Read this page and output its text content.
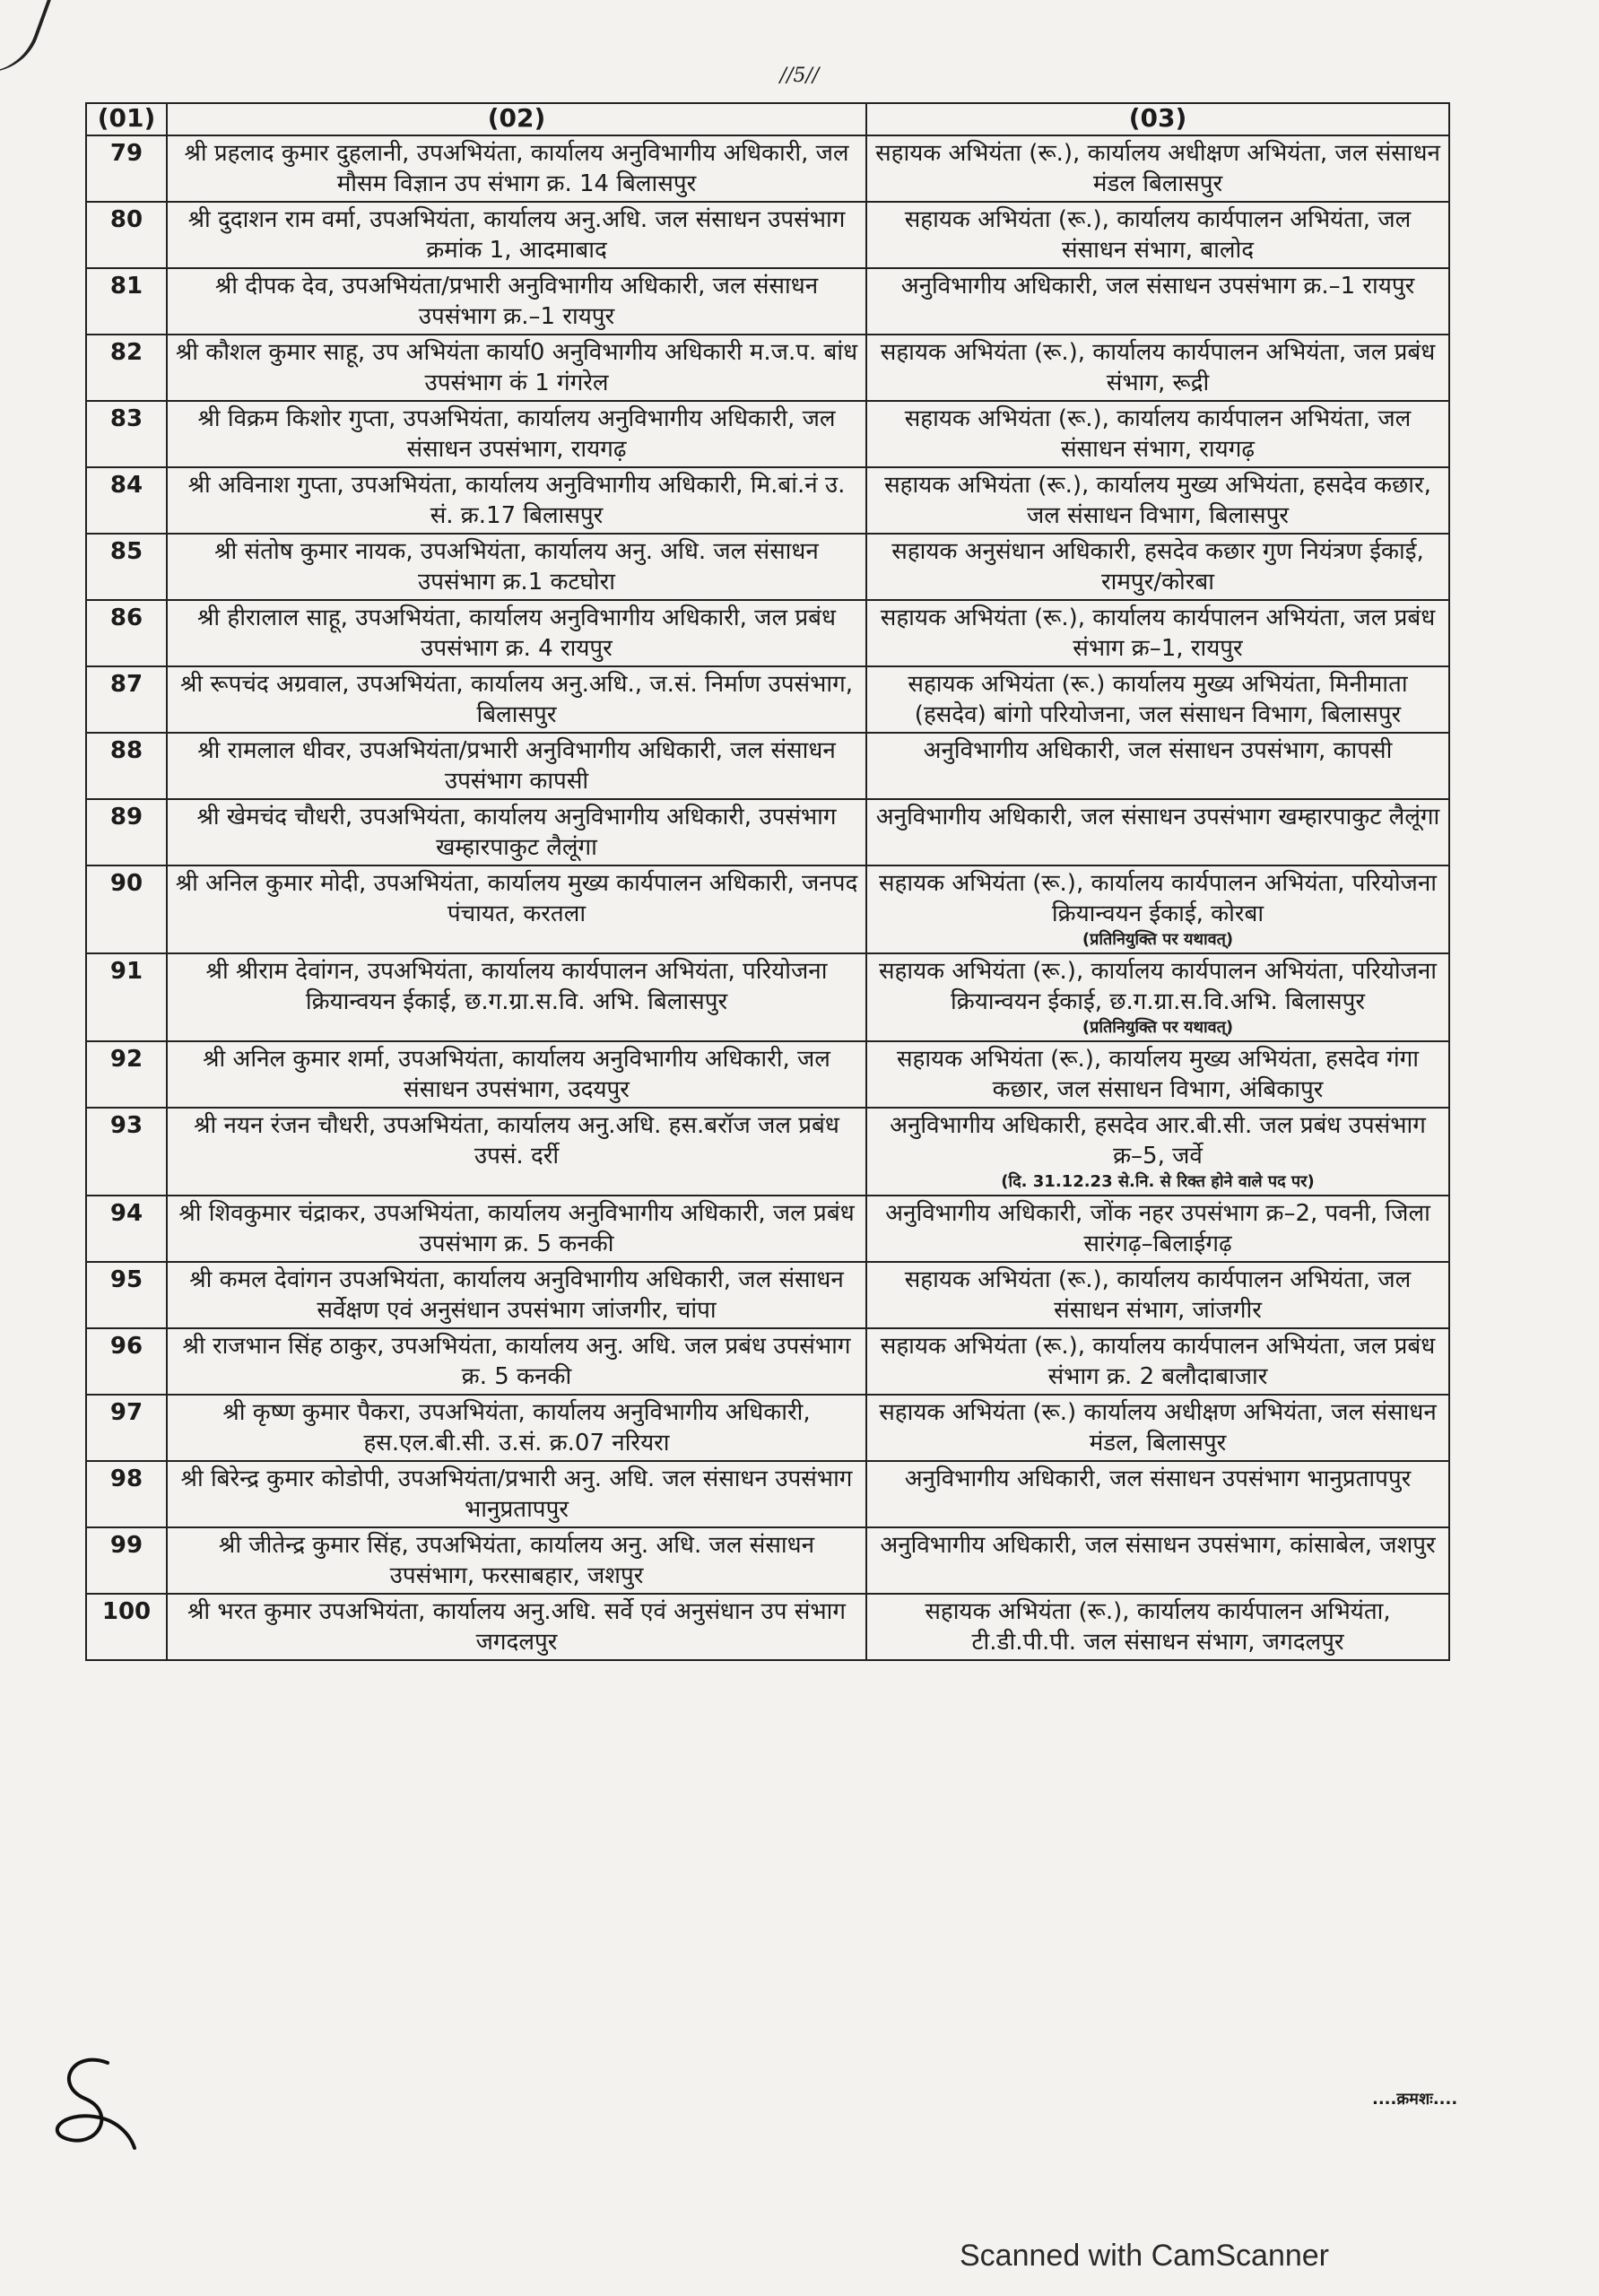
//5//
(01)	(02)	(03)
79	श्री प्रहलाद कुमार दुहलानी, उपअभियंता, कार्यालय अनुविभागीय अधिकारी, जल मौसम विज्ञान उप संभाग क्र. 14 बिलासपुर	सहायक अभियंता (रू.), कार्यालय अधीक्षण अभियंता, जल संसाधन मंडल बिलासपुर
80	श्री दुदाशन राम वर्मा, उपअभियंता, कार्यालय अनु.अधि. जल संसाधन उपसंभाग क्रमांक 1, आदमाबाद	सहायक अभियंता (रू.), कार्यालय कार्यपालन अभियंता, जल संसाधन संभाग, बालोद
81	श्री दीपक देव, उपअभियंता/प्रभारी अनुविभागीय अधिकारी, जल संसाधन उपसंभाग क्र.–1 रायपुर	अनुविभागीय अधिकारी, जल संसाधन उपसंभाग क्र.–1 रायपुर
82	श्री कौशल कुमार साहू, उप अभियंता कार्या0 अनुविभागीय अधिकारी म.ज.प. बांध उपसंभाग कं 1 गंगरेल	सहायक अभियंता (रू.), कार्यालय कार्यपालन अभियंता, जल प्रबंध संभाग, रूद्री
83	श्री विक्रम किशोर गुप्ता, उपअभियंता, कार्यालय अनुविभागीय अधिकारी, जल संसाधन उपसंभाग, रायगढ़	सहायक अभियंता (रू.), कार्यालय कार्यपालन अभियंता, जल संसाधन संभाग, रायगढ़
84	श्री अविनाश गुप्ता, उपअभियंता, कार्यालय अनुविभागीय अधिकारी, मि.बां.नं उ. सं. क्र.17 बिलासपुर	सहायक अभियंता (रू.), कार्यालय मुख्य अभियंता, हसदेव कछार, जल संसाधन विभाग, बिलासपुर
85	श्री संतोष कुमार नायक, उपअभियंता, कार्यालय अनु. अधि. जल संसाधन उपसंभाग क्र.1 कटघोरा	सहायक अनुसंधान अधिकारी, हसदेव कछार गुण नियंत्रण ईकाई, रामपुर/कोरबा
86	श्री हीरालाल साहू, उपअभियंता, कार्यालय अनुविभागीय अधिकारी, जल प्रबंध उपसंभाग क्र. 4 रायपुर	सहायक अभियंता (रू.), कार्यालय कार्यपालन अभियंता, जल प्रबंध संभाग क्र–1, रायपुर
87	श्री रूपचंद अग्रवाल, उपअभियंता, कार्यालय अनु.अधि., ज.सं. निर्माण उपसंभाग, बिलासपुर	सहायक अभियंता (रू.) कार्यालय मुख्य अभियंता, मिनीमाता (हसदेव) बांगो परियोजना, जल संसाधन विभाग, बिलासपुर
88	श्री रामलाल धीवर, उपअभियंता/प्रभारी अनुविभागीय अधिकारी, जल संसाधन उपसंभाग कापसी	अनुविभागीय अधिकारी, जल संसाधन उपसंभाग, कापसी
89	श्री खेमचंद चौधरी, उपअभियंता, कार्यालय अनुविभागीय अधिकारी, उपसंभाग खम्हारपाकुट लैलूंगा	अनुविभागीय अधिकारी, जल संसाधन उपसंभाग खम्हारपाकुट लैलूंगा
90	श्री अनिल कुमार मोदी, उपअभियंता, कार्यालय मुख्य कार्यपालन अधिकारी, जनपद पंचायत, करतला	सहायक अभियंता (रू.), कार्यालय कार्यपालन अभियंता, परियोजना क्रियान्वयन ईकाई, कोरबा
(प्रतिनियुक्ति पर यथावत्)

91	श्री श्रीराम देवांगन, उपअभियंता, कार्यालय कार्यपालन अभियंता, परियोजना क्रियान्वयन ईकाई, छ.ग.ग्रा.स.वि. अभि. बिलासपुर	सहायक अभियंता (रू.), कार्यालय कार्यपालन अभियंता, परियोजना क्रियान्वयन ईकाई, छ.ग.ग्रा.स.वि.अभि. बिलासपुर
(प्रतिनियुक्ति पर यथावत्)

92	श्री अनिल कुमार शर्मा, उपअभियंता, कार्यालय अनुविभागीय अधिकारी, जल संसाधन उपसंभाग, उदयपुर	सहायक अभियंता (रू.), कार्यालय मुख्य अभियंता, हसदेव गंगा कछार, जल संसाधन विभाग, अंबिकापुर
93	श्री नयन रंजन चौधरी, उपअभियंता, कार्यालय अनु.अधि. हस.बरॉज जल प्रबंध उपसं. दर्री	अनुविभागीय अधिकारी, हसदेव आर.बी.सी. जल प्रबंध उपसंभाग क्र–5, जर्वे
(दि. 31.12.23 से.नि. से रिक्त होने वाले पद पर)

94	श्री शिवकुमार चंद्राकर, उपअभियंता, कार्यालय अनुविभागीय अधिकारी, जल प्रबंध उपसंभाग क्र. 5 कनकी	अनुविभागीय अधिकारी, जोंक नहर उपसंभाग क्र–2, पवनी, जिला सारंगढ़–बिलाईगढ़
95	श्री कमल देवांगन उपअभियंता, कार्यालय अनुविभागीय अधिकारी, जल संसाधन सर्वेक्षण एवं अनुसंधान उपसंभाग जांजगीर, चांपा	सहायक अभियंता (रू.), कार्यालय कार्यपालन अभियंता, जल संसाधन संभाग, जांजगीर
96	श्री राजभान सिंह ठाकुर, उपअभियंता, कार्यालय अनु. अधि. जल प्रबंध उपसंभाग क्र. 5 कनकी	सहायक अभियंता (रू.), कार्यालय कार्यपालन अभियंता, जल प्रबंध संभाग क्र. 2 बलौदाबाजार
97	श्री कृष्ण कुमार पैकरा, उपअभियंता, कार्यालय अनुविभागीय अधिकारी, हस.एल.बी.सी. उ.सं. क्र.07 नरियरा	सहायक अभियंता (रू.) कार्यालय अधीक्षण अभियंता, जल संसाधन मंडल, बिलासपुर
98	श्री बिरेन्द्र कुमार कोडोपी, उपअभियंता/प्रभारी अनु. अधि. जल संसाधन उपसंभाग भानुप्रतापपुर	अनुविभागीय अधिकारी, जल संसाधन उपसंभाग भानुप्रतापपुर
99	श्री जीतेन्द्र कुमार सिंह, उपअभियंता, कार्यालय अनु. अधि. जल संसाधन उपसंभाग, फरसाबहार, जशपुर	अनुविभागीय अधिकारी, जल संसाधन उपसंभाग, कांसाबेल, जशपुर
100	श्री भरत कुमार उपअभियंता, कार्यालय अनु.अधि. सर्वे एवं अनुसंधान उप संभाग जगदलपुर	सहायक अभियंता (रू.), कार्यालय कार्यपालन अभियंता, टी.डी.पी.पी. जल संसाधन संभाग, जगदलपुर
....क्रमशः....
Scanned with CamScanner
